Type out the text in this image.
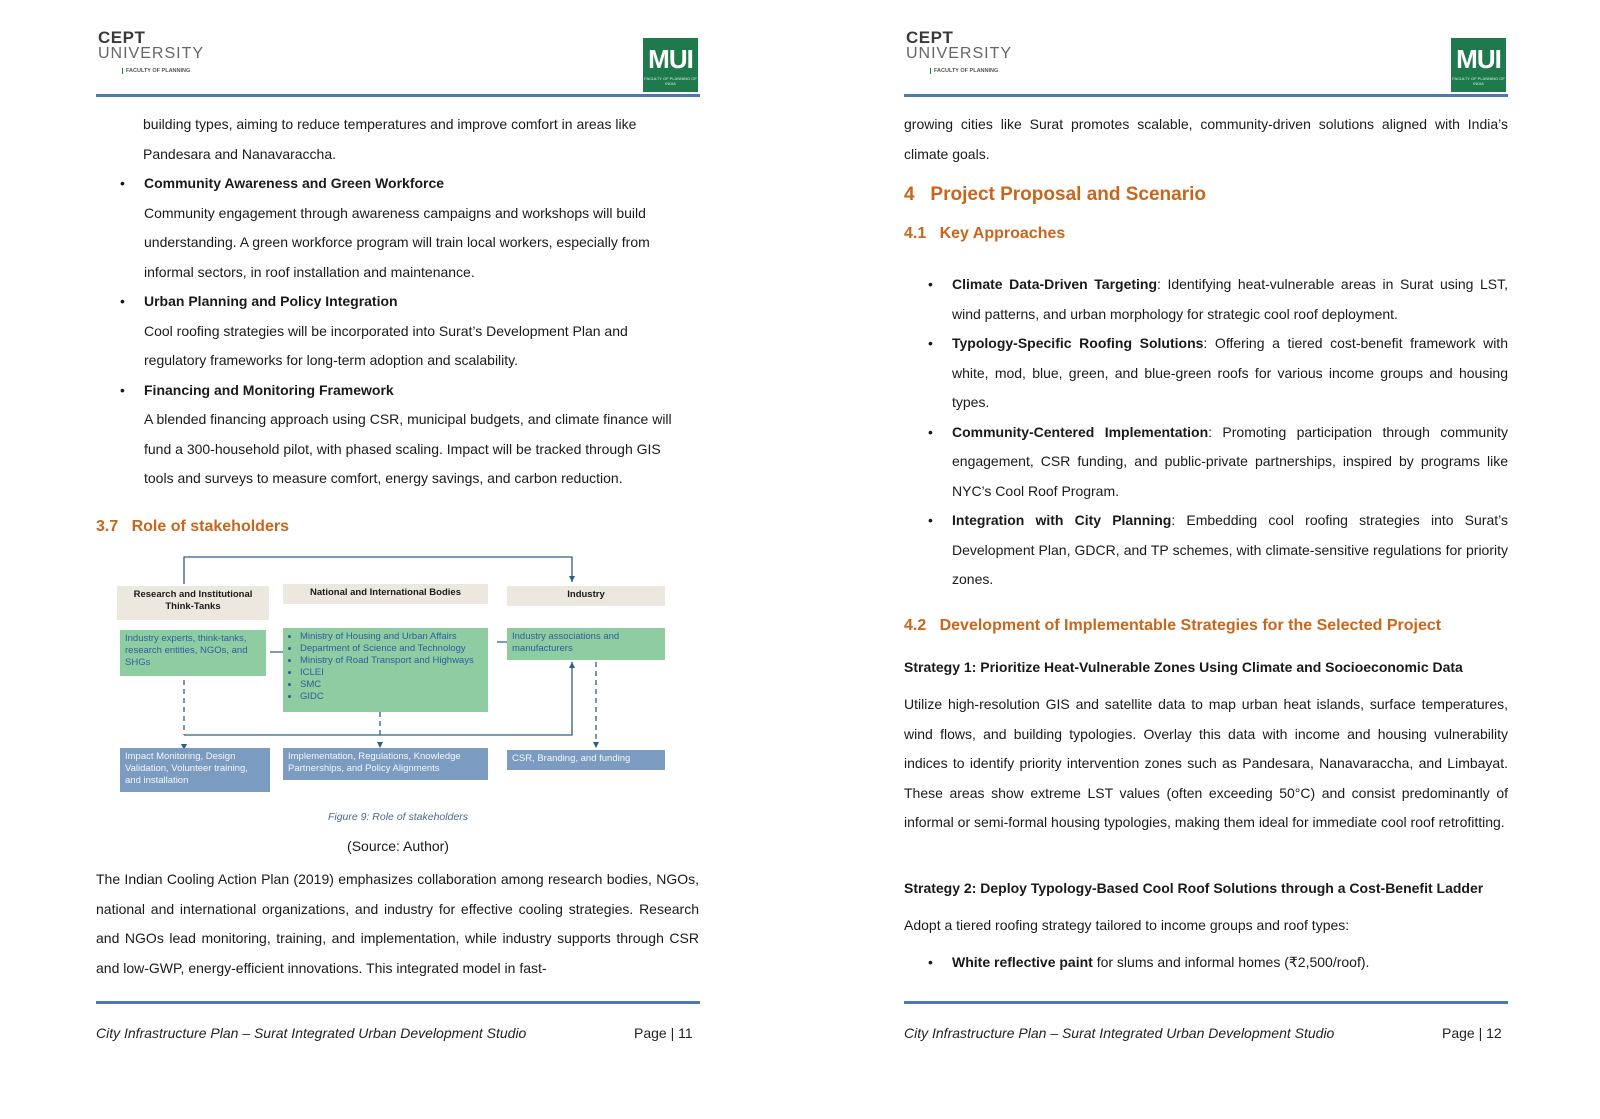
CEPT
UNIVERSITY
FACULTY OF PLANNING	MUI
FACULTY OF PLANNING OF INDIA
building types, aiming to reduce temperatures and improve comfort in areas like
Pandesara and Nanavaraccha.
• Community Awareness and Green Workforce
Community engagement through awareness campaigns and workshops will build understanding. A green workforce program will train local workers, especially from informal sectors, in roof installation and maintenance.
• Urban Planning and Policy Integration
Cool roofing strategies will be incorporated into Surat’s Development Plan and regulatory frameworks for long-term adoption and scalability.
• Financing and Monitoring Framework
A blended financing approach using CSR, municipal budgets, and climate finance will fund a 300-household pilot, with phased scaling. Impact will be tracked through GIS tools and surveys to measure comfort, energy savings, and carbon reduction.
3.7 Role of stakeholders
Research and Institutional Think-Tanks
National and International Bodies	Industry
Industry experts, think-tanks, research entities, NGOs, and SHGs
• Ministry of Housing and Urban Affairs
• Department of Science and Technology
• Ministry of Road Transport and Highways
• ICLEI
• SMC
• GIDC
Industry associations and manufacturers
Impact Monitoring, Design Validation, Volunteer training, and installation
Implementation, Regulations, Knowledge Partnerships, and Policy Alignments
CSR, Branding, and funding
Figure 9: Role of stakeholders
(Source: Author)
The Indian Cooling Action Plan (2019) emphasizes collaboration among research bodies, NGOs, national and international organizations, and industry for effective cooling strategies. Research and NGOs lead monitoring, training, and implementation, while industry supports through CSR and low-GWP, energy-efficient innovations. This integrated model in fast-
City Infrastructure Plan – Surat Integrated Urban Development Studio	Page | 11
CEPT
UNIVERSITY
FACULTY OF PLANNING	MUI
FACULTY OF PLANNING OF INDIA
growing cities like Surat promotes scalable, community-driven solutions aligned with India’s climate goals.
4 Project Proposal and Scenario
4.1 Key Approaches
• Climate Data-Driven Targeting: Identifying heat-vulnerable areas in Surat using LST, wind patterns, and urban morphology for strategic cool roof deployment.
• Typology-Specific Roofing Solutions: Offering a tiered cost-benefit framework with white, mod, blue, green, and blue-green roofs for various income groups and housing types.
• Community-Centered Implementation: Promoting participation through community engagement, CSR funding, and public-private partnerships, inspired by programs like NYC’s Cool Roof Program.
• Integration with City Planning: Embedding cool roofing strategies into Surat’s Development Plan, GDCR, and TP schemes, with climate-sensitive regulations for priority zones.
4.2 Development of Implementable Strategies for the Selected Project
Strategy 1: Prioritize Heat-Vulnerable Zones Using Climate and Socioeconomic Data
Utilize high-resolution GIS and satellite data to map urban heat islands, surface temperatures, wind flows, and building typologies. Overlay this data with income and housing vulnerability indices to identify priority intervention zones such as Pandesara, Nanavaraccha, and Limbayat. These areas show extreme LST values (often exceeding 50°C) and consist predominantly of informal or semi-formal housing typologies, making them ideal for immediate cool roof retrofitting.
Strategy 2: Deploy Typology-Based Cool Roof Solutions through a Cost-Benefit Ladder
Adopt a tiered roofing strategy tailored to income groups and roof types:
• White reflective paint for slums and informal homes (₹2,500/roof).
City Infrastructure Plan – Surat Integrated Urban Development Studio	Page | 12
